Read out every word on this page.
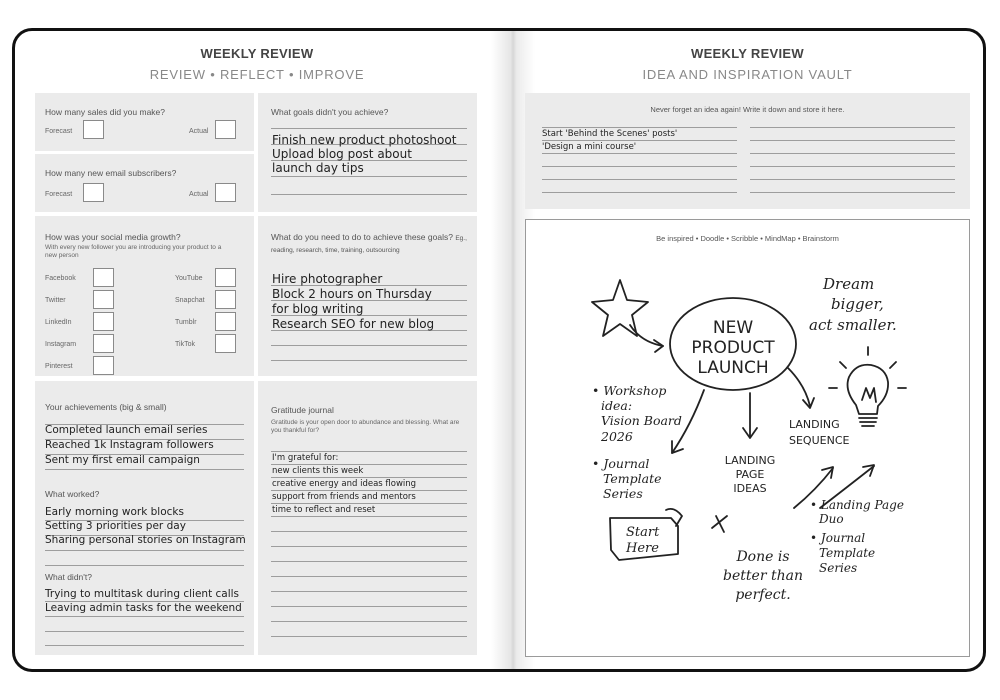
WEEKLY REVIEW
REVIEW • REFLECT • IMPROVE
How many sales did you make?
Forecast	Actual
How many new email subscribers?
Forecast	Actual
What goals didn't you achieve?
Finish new product photoshoot
Upload blog post about
launch day tips
How was your social media growth?
With every new follower you are introducing your product to a new person
Facebook	YouTube
Twitter	Snapchat
LinkedIn	Tumblr
Instagram	TikTok
Pinterest
What do you need to do to achieve these goals? Eg., reading, research, time, training, outsourcing
Hire photographer
Block 2 hours on Thursday
for blog writing
Research SEO for new blog
Your achievements (big & small)
Completed launch email series
Reached 1k Instagram followers
Sent my first email campaign
What worked?
Early morning work blocks
Setting 3 priorities per day
Sharing personal stories on Instagram
What didn't?
Trying to multitask during client calls
Leaving admin tasks for the weekend
Gratitude journal
Gratitude is your open door to abundance and blessing. What are you thankful for?
I'm grateful for:
new clients this week
creative energy and ideas flowing
support from friends and mentors
time to reflect and reset
WEEKLY REVIEW
IDEA AND INSPIRATION VAULT
Never forget an idea again! Write it down and store it here.
Start 'Behind the Scenes' posts'
'Design a mini course'
Be inspired • Doodle • Scribble • MindMap • Brainstorm
NEW
PRODUCT
LAUNCH
Dream
bigger,
act smaller.
• Workshop
idea:
Vision Board
2026
• Journal
Template
Series
LANDING
PAGE
IDEAS
LANDING
SEQUENCE
• Landing Page
Duo
• Journal
Template
Series
Start
Here
Done is
better than
perfect.
